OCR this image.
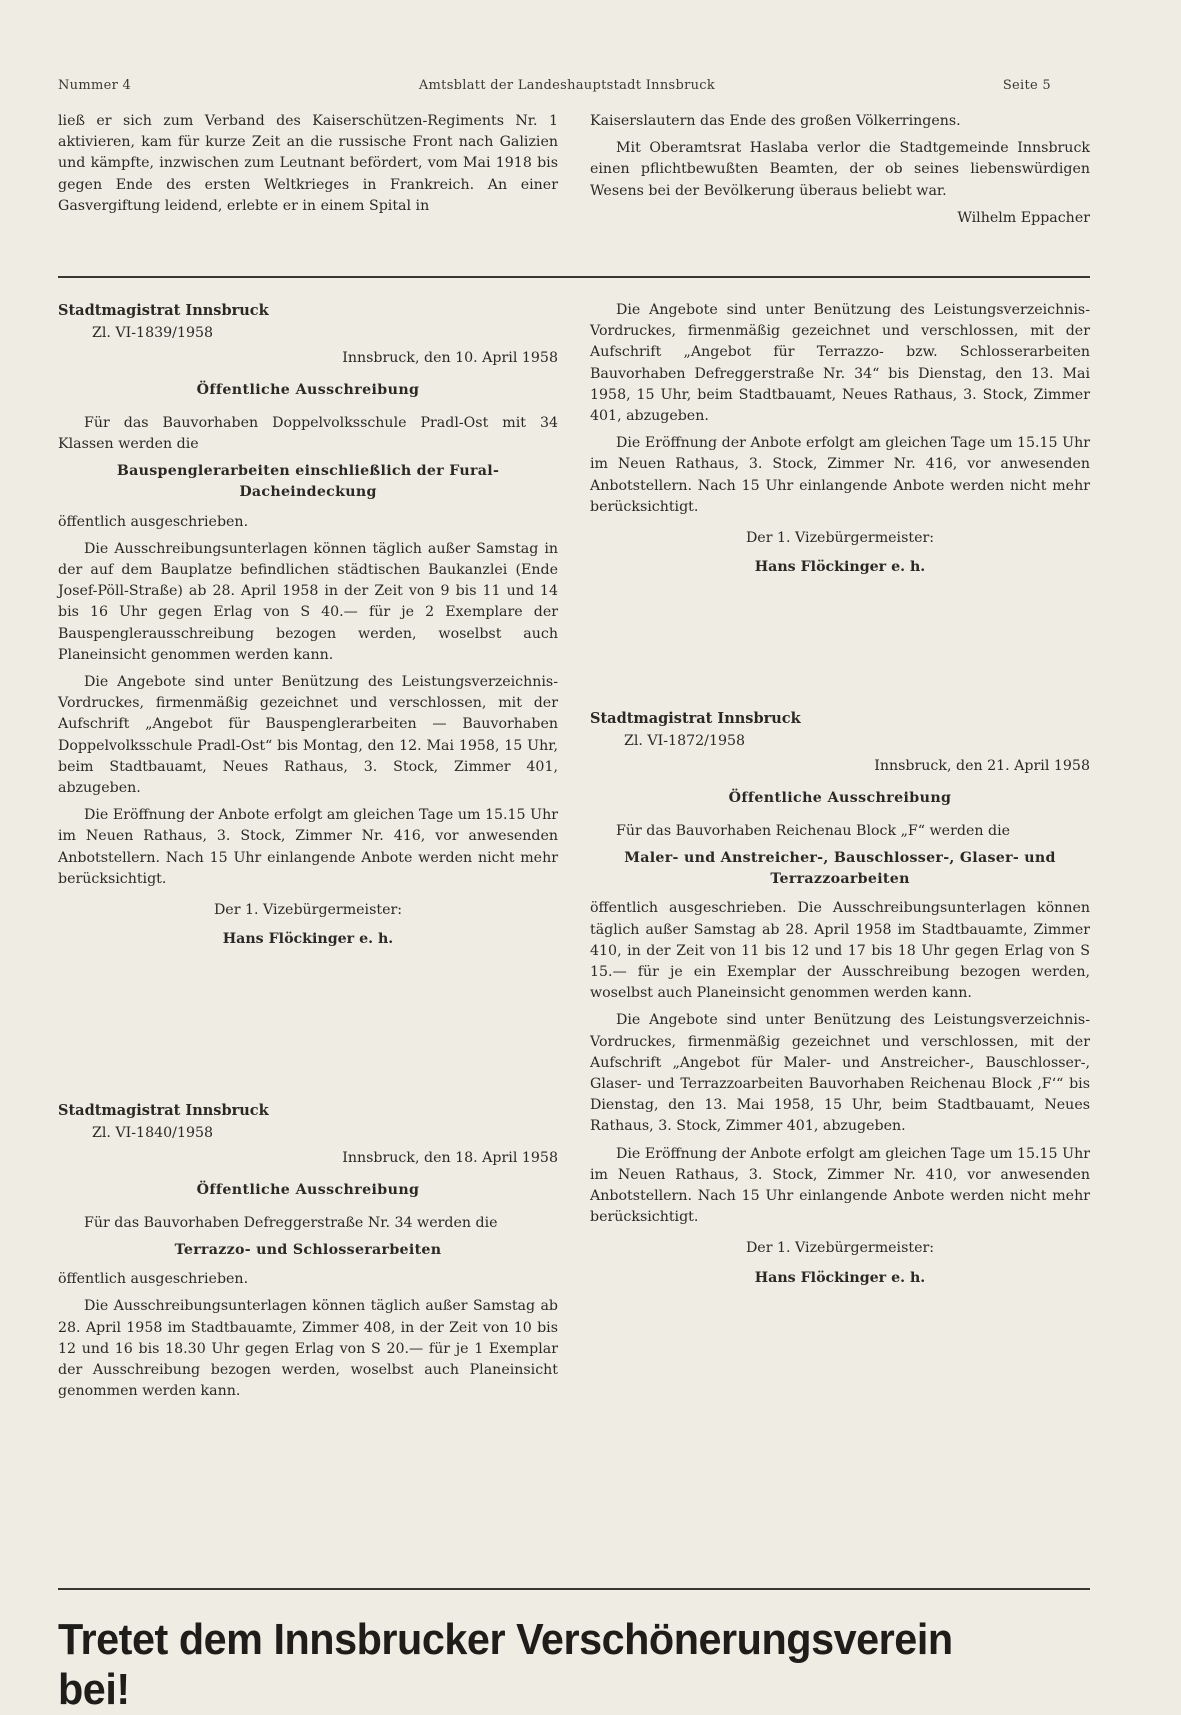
Nummer 4	Amtsblatt der Landeshauptstadt Innsbruck	Seite 5

ließ er sich zum Verband des Kaiserschützen-Regiments Nr. 1 aktivieren, kam für kurze Zeit an die russische Front nach Galizien und kämpfte, inzwischen zum Leutnant befördert, vom Mai 1918 bis gegen Ende des ersten Weltkrieges in Frankreich. An einer Gasvergiftung leidend, erlebte er in einem Spital in

Kaiserslautern das Ende des großen Völkerringens.

Mit Oberamtsrat Haslaba verlor die Stadtgemeinde Innsbruck einen pflichtbewußten Beamten, der ob seines liebenswürdigen Wesens bei der Bevölkerung überaus beliebt war.

Wilhelm Eppacher
Stadtmagistrat Innsbruck
Zl. VI-1839/1958
Innsbruck, den 10. April 1958
Öffentliche Ausschreibung

Für das Bauvorhaben Doppelvolksschule Pradl-Ost mit 34 Klassen werden die

Bauspenglerarbeiten einschließlich der Fural-Dacheindeckung

öffentlich ausgeschrieben.

Die Ausschreibungsunterlagen können täglich außer Samstag in der auf dem Bauplatze befindlichen städtischen Baukanzlei (Ende Josef-Pöll-Straße) ab 28. April 1958 in der Zeit von 9 bis 11 und 14 bis 16 Uhr gegen Erlag von S 40.— für je 2 Exemplare der Bauspenglerausschreibung bezogen werden, woselbst auch Planeinsicht genommen werden kann.

Die Angebote sind unter Benützung des Leistungsverzeichnis-Vordruckes, firmenmäßig gezeichnet und verschlossen, mit der Aufschrift „Angebot für Bauspenglerarbeiten — Bauvorhaben Doppelvolksschule Pradl-Ost“ bis Montag, den 12. Mai 1958, 15 Uhr, beim Stadtbauamt, Neues Rathaus, 3. Stock, Zimmer 401, abzugeben.

Die Eröffnung der Anbote erfolgt am gleichen Tage um 15.15 Uhr im Neuen Rathaus, 3. Stock, Zimmer Nr. 416, vor anwesenden Anbotstellern. Nach 15 Uhr einlangende Anbote werden nicht mehr berücksichtigt.

Der 1. Vizebürgermeister:
Hans Flöckinger e. h.
Stadtmagistrat Innsbruck
Zl. VI-1840/1958
Innsbruck, den 18. April 1958
Öffentliche Ausschreibung

Für das Bauvorhaben Defreggerstraße Nr. 34 werden die

Terrazzo- und Schlosserarbeiten

öffentlich ausgeschrieben.

Die Ausschreibungsunterlagen können täglich außer Samstag ab 28. April 1958 im Stadtbauamte, Zimmer 408, in der Zeit von 10 bis 12 und 16 bis 18.30 Uhr gegen Erlag von S 20.— für je 1 Exemplar der Ausschreibung bezogen werden, woselbst auch Planeinsicht genommen werden kann.

Die Angebote sind unter Benützung des Leistungsverzeichnis-Vordruckes, firmenmäßig gezeichnet und verschlossen, mit der Aufschrift „Angebot für Terrazzo- bzw. Schlosserarbeiten Bauvorhaben Defreggerstraße Nr. 34“ bis Dienstag, den 13. Mai 1958, 15 Uhr, beim Stadtbauamt, Neues Rathaus, 3. Stock, Zimmer 401, abzugeben.

Die Eröffnung der Anbote erfolgt am gleichen Tage um 15.15 Uhr im Neuen Rathaus, 3. Stock, Zimmer Nr. 416, vor anwesenden Anbotstellern. Nach 15 Uhr einlangende Anbote werden nicht mehr berücksichtigt.

Der 1. Vizebürgermeister:
Hans Flöckinger e. h.
Stadtmagistrat Innsbruck
Zl. VI-1872/1958
Innsbruck, den 21. April 1958
Öffentliche Ausschreibung

Für das Bauvorhaben Reichenau Block „F“ werden die

Maler- und Anstreicher-, Bauschlosser-, Glaser- und Terrazzoarbeiten

öffentlich ausgeschrieben. Die Ausschreibungsunterlagen können täglich außer Samstag ab 28. April 1958 im Stadtbauamte, Zimmer 410, in der Zeit von 11 bis 12 und 17 bis 18 Uhr gegen Erlag von S 15.— für je ein Exemplar der Ausschreibung bezogen werden, woselbst auch Planeinsicht genommen werden kann.

Die Angebote sind unter Benützung des Leistungsverzeichnis-Vordruckes, firmenmäßig gezeichnet und verschlossen, mit der Aufschrift „Angebot für Maler- und Anstreicher-, Bauschlosser-, Glaser- und Terrazzoarbeiten Bauvorhaben Reichenau Block ‚F‘“ bis Dienstag, den 13. Mai 1958, 15 Uhr, beim Stadtbauamt, Neues Rathaus, 3. Stock, Zimmer 401, abzugeben.

Die Eröffnung der Anbote erfolgt am gleichen Tage um 15.15 Uhr im Neuen Rathaus, 3. Stock, Zimmer Nr. 410, vor anwesenden Anbotstellern. Nach 15 Uhr einlangende Anbote werden nicht mehr berücksichtigt.

Der 1. Vizebürgermeister:
Hans Flöckinger e. h.
Tretet dem Innsbrucker Verschönerungsverein bei!
